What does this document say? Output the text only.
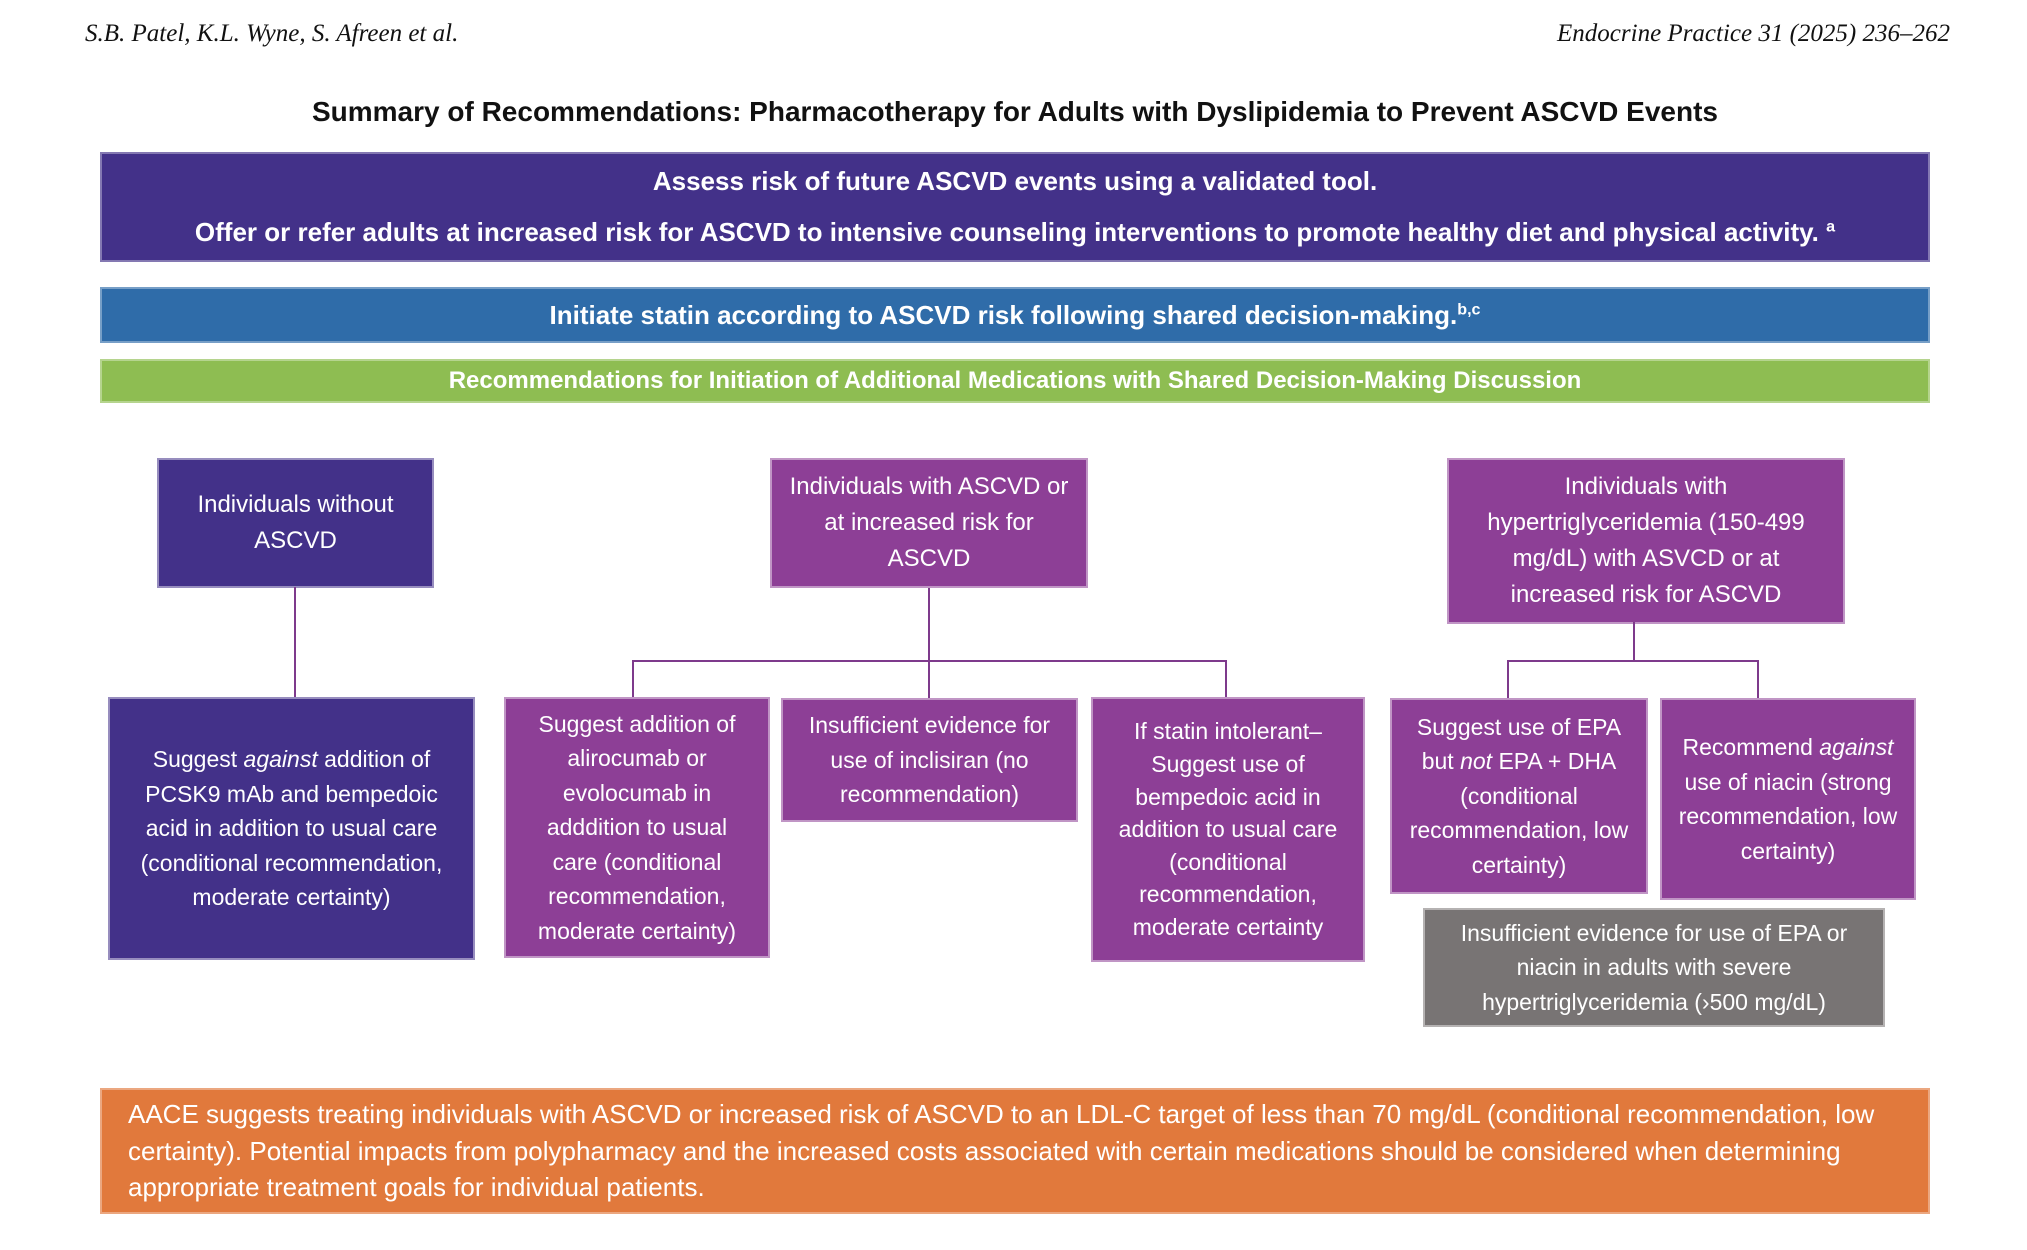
S.B. Patel, K.L. Wyne, S. Afreen et al.	Endocrine Practice 31 (2025) 236–262
Summary of Recommendations: Pharmacotherapy for Adults with Dyslipidemia to Prevent ASCVD Events
Assess risk of future ASCVD events using a validated tool.
Offer or refer adults at increased risk for ASCVD to intensive counseling interventions to promote healthy diet and physical activity. $^a$
Initiate statin according to ASCVD risk following shared decision-making.$^{b,c}$
Recommendations for Initiation of Additional Medications with Shared Decision-Making Discussion
Individuals without ASCVD
Individuals with ASCVD or at increased risk for ASCVD
Individuals with hypertriglyceridemia (150-499 mg/dL) with ASVCD or at increased risk for ASCVD
Suggest against addition of PCSK9 mAb and bempedoic acid in addition to usual care (conditional recommendation, moderate certainty)
Suggest addition of alirocumab or evolocumab in adddition to usual care (conditional recommendation, moderate certainty)
Insufficient evidence for use of inclisiran (no recommendation)
If statin intolerant– Suggest use of bempedoic acid in addition to usual care (conditional recommendation, moderate certainty
Suggest use of EPA but not EPA + DHA (conditional recommendation, low certainty)
Recommend against use of niacin (strong recommendation, low certainty)
Insufficient evidence for use of EPA or niacin in adults with severe hypertriglyceridemia (›500 mg/dL)
AACE suggests treating individuals with ASCVD or increased risk of ASCVD to an LDL-C target of less than 70 mg/dL (conditional recommendation, low certainty). Potential impacts from polypharmacy and the increased costs associated with certain medications should be considered when determining appropriate treatment goals for individual patients.
